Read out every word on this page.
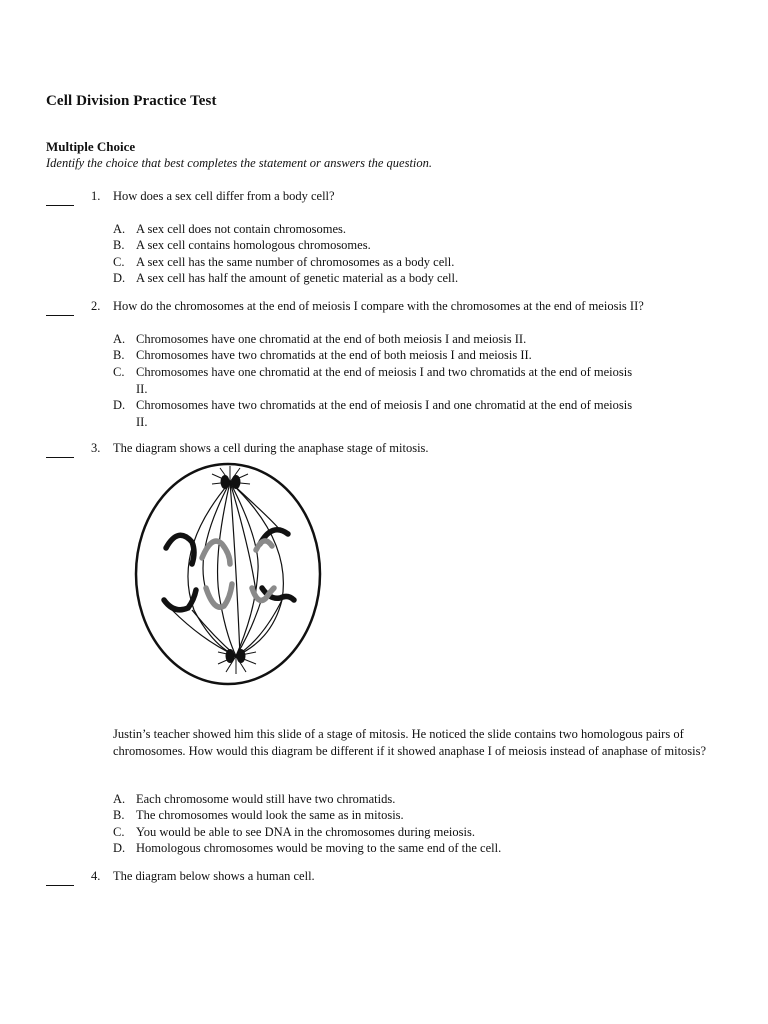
Cell Division Practice Test
Multiple Choice
Identify the choice that best completes the statement or answers the question.
1. How does a sex cell differ from a body cell?
A. A sex cell does not contain chromosomes.
B. A sex cell contains homologous chromosomes.
C. A sex cell has the same number of chromosomes as a body cell.
D. A sex cell has half the amount of genetic material as a body cell.
2. How do the chromosomes at the end of meiosis I compare with the chromosomes at the end of meiosis II?
A. Chromosomes have one chromatid at the end of both meiosis I and meiosis II.
B. Chromosomes have two chromatids at the end of both meiosis I and meiosis II.
C. Chromosomes have one chromatid at the end of meiosis I and two chromatids at the end of meiosis II.
D. Chromosomes have two chromatids at the end of meiosis I and one chromatid at the end of meiosis II.
3. The diagram shows a cell during the anaphase stage of mitosis.
Justin’s teacher showed him this slide of a stage of mitosis. He noticed the slide contains two homologous pairs of chromosomes. How would this diagram be different if it showed anaphase I of meiosis instead of anaphase of mitosis?
A. Each chromosome would still have two chromatids.
B. The chromosomes would look the same as in mitosis.
C. You would be able to see DNA in the chromosomes during meiosis.
D. Homologous chromosomes would be moving to the same end of the cell.
4. The diagram below shows a human cell.
